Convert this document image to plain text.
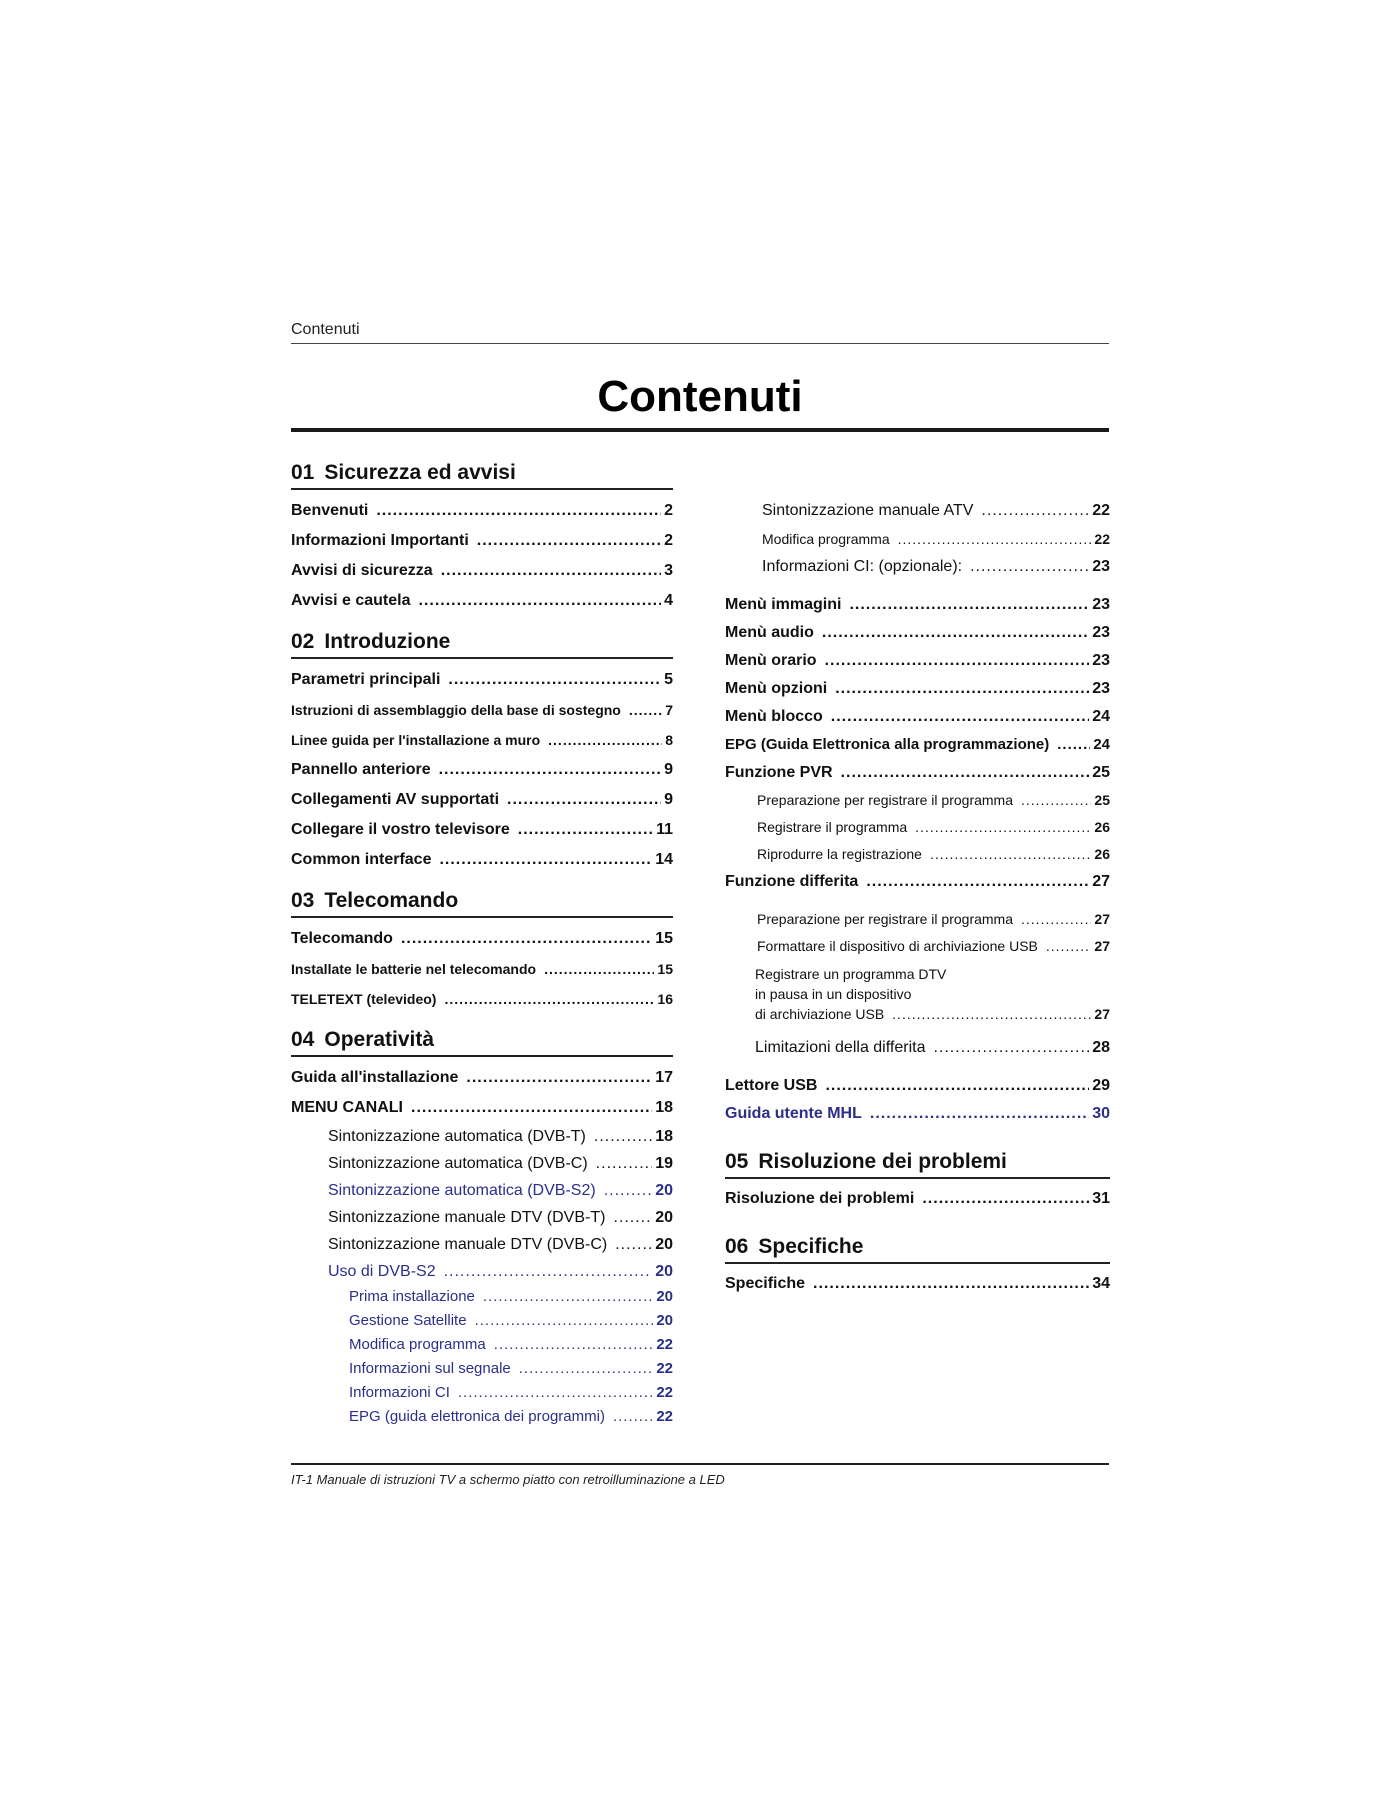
Contenuti
Contenuti
01 Sicurezza ed avvisi
Benvenuti .....	2
Informazioni Importanti .....	2
Avvisi di sicurezza .....	3
Avvisi e cautela .....	4
02 Introduzione
Parametri principali .....	5
Istruzioni di assemblaggio della base di sostegno .....	7
Linee guida per l'installazione a muro .....	8
Pannello anteriore .....	9
Collegamenti AV supportati .....	9
Collegare il vostro televisore .....	11
Common interface .....	14
03 Telecomando
Telecomando .....	15
Installate le batterie nel telecomando .....	15
TELETEXT (televideo) .....	16
04 Operatività
Guida all'installazione .....	17
MENU CANALI .....	18
Sintonizzazione automatica (DVB-T) .....	18
Sintonizzazione automatica (DVB-C) .....	19
Sintonizzazione automatica (DVB-S2) .....	20
Sintonizzazione manuale DTV (DVB-T) .....	20
Sintonizzazione manuale DTV (DVB-C) .....	20
Uso di DVB-S2 .....	20
Prima installazione .....	20
Gestione Satellite .....	20
Modifica programma .....	22
Informazioni sul segnale .....	22
Informazioni CI .....	22
EPG (guida elettronica dei programmi) .....	22
Sintonizzazione manuale ATV .....	22
Modifica programma .....	22
Informazioni CI: (opzionale): .....	23
Menù immagini .....	23
Menù audio .....	23
Menù orario .....	23
Menù opzioni .....	23
Menù blocco .....	24
EPG (Guida Elettronica alla programmazione) .....	24
Funzione PVR .....	25
Preparazione per registrare il programma .....	25
Registrare il programma .....	26
Riprodurre la registrazione .....	26
Funzione differita .....	27
Preparazione per registrare il programma .....	27
Formattare il dispositivo di archiviazione USB .....	27
Registrare un programma DTV
in pausa in un dispositivo
di archiviazione USB .....	27
Limitazioni della differita .....	28
Lettore USB .....	29
Guida utente MHL .....	30
05 Risoluzione dei problemi
Risoluzione dei problemi .....	31
06 Specifiche
Specifiche .....	34
IT-1 Manuale di istruzioni TV a schermo piatto con retroilluminazione a LED
